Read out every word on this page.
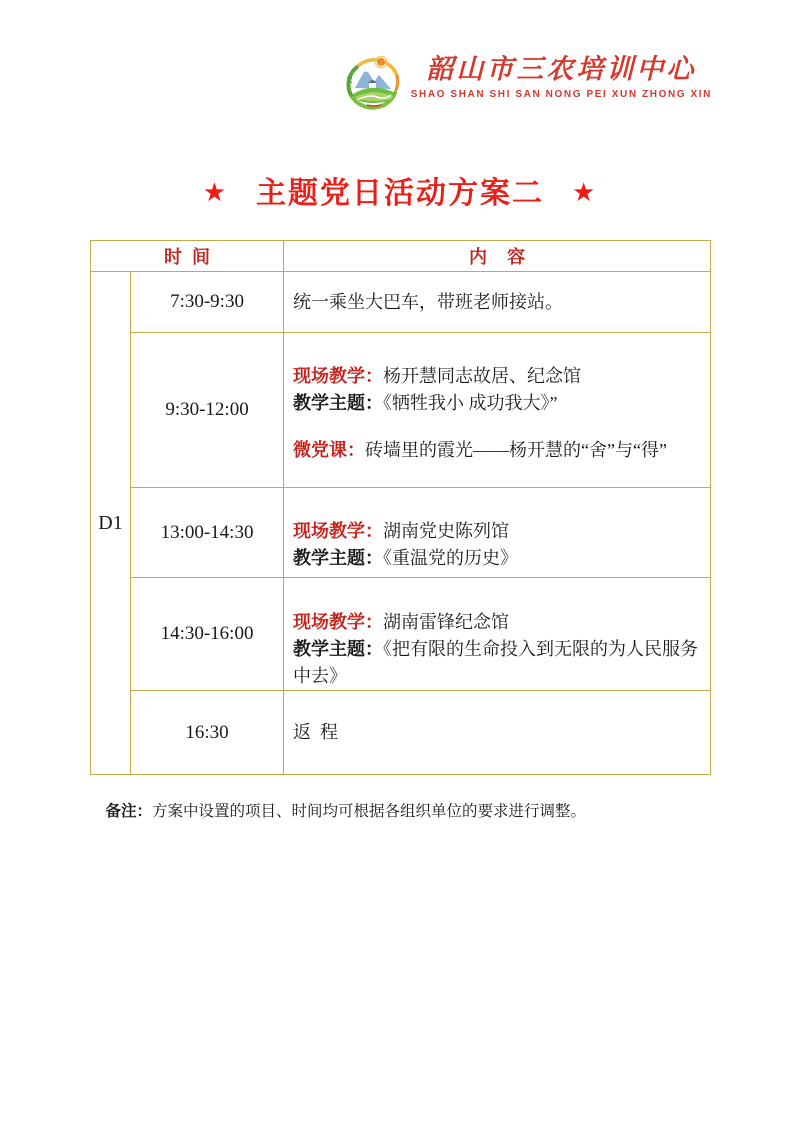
韶山市三农培训中心
SHAO SHAN SHI SAN NONG PEI XUN ZHONG XIN
★ 主题党日活动方案二 ★
时  间		内    容
D1	7:30-9:30	统一乘坐大巴车，带班老师接站。

	9:30-12:00	现场教学：杨开慧同志故居、纪念馆
教学主题：《牺牲我小 成功我大》”
微党课：砖墙里的霞光——杨开慧的“舍”与“得”

	13:00-14:30	现场教学：湖南党史陈列馆
教学主题：《重温党的历史》

	14:30-16:00	现场教学：湖南雷锋纪念馆
教学主题：《把有限的生命投入到无限的为人民服务中去》

	16:30	返  程

备注：方案中设置的项目、时间均可根据各组织单位的要求进行调整。
